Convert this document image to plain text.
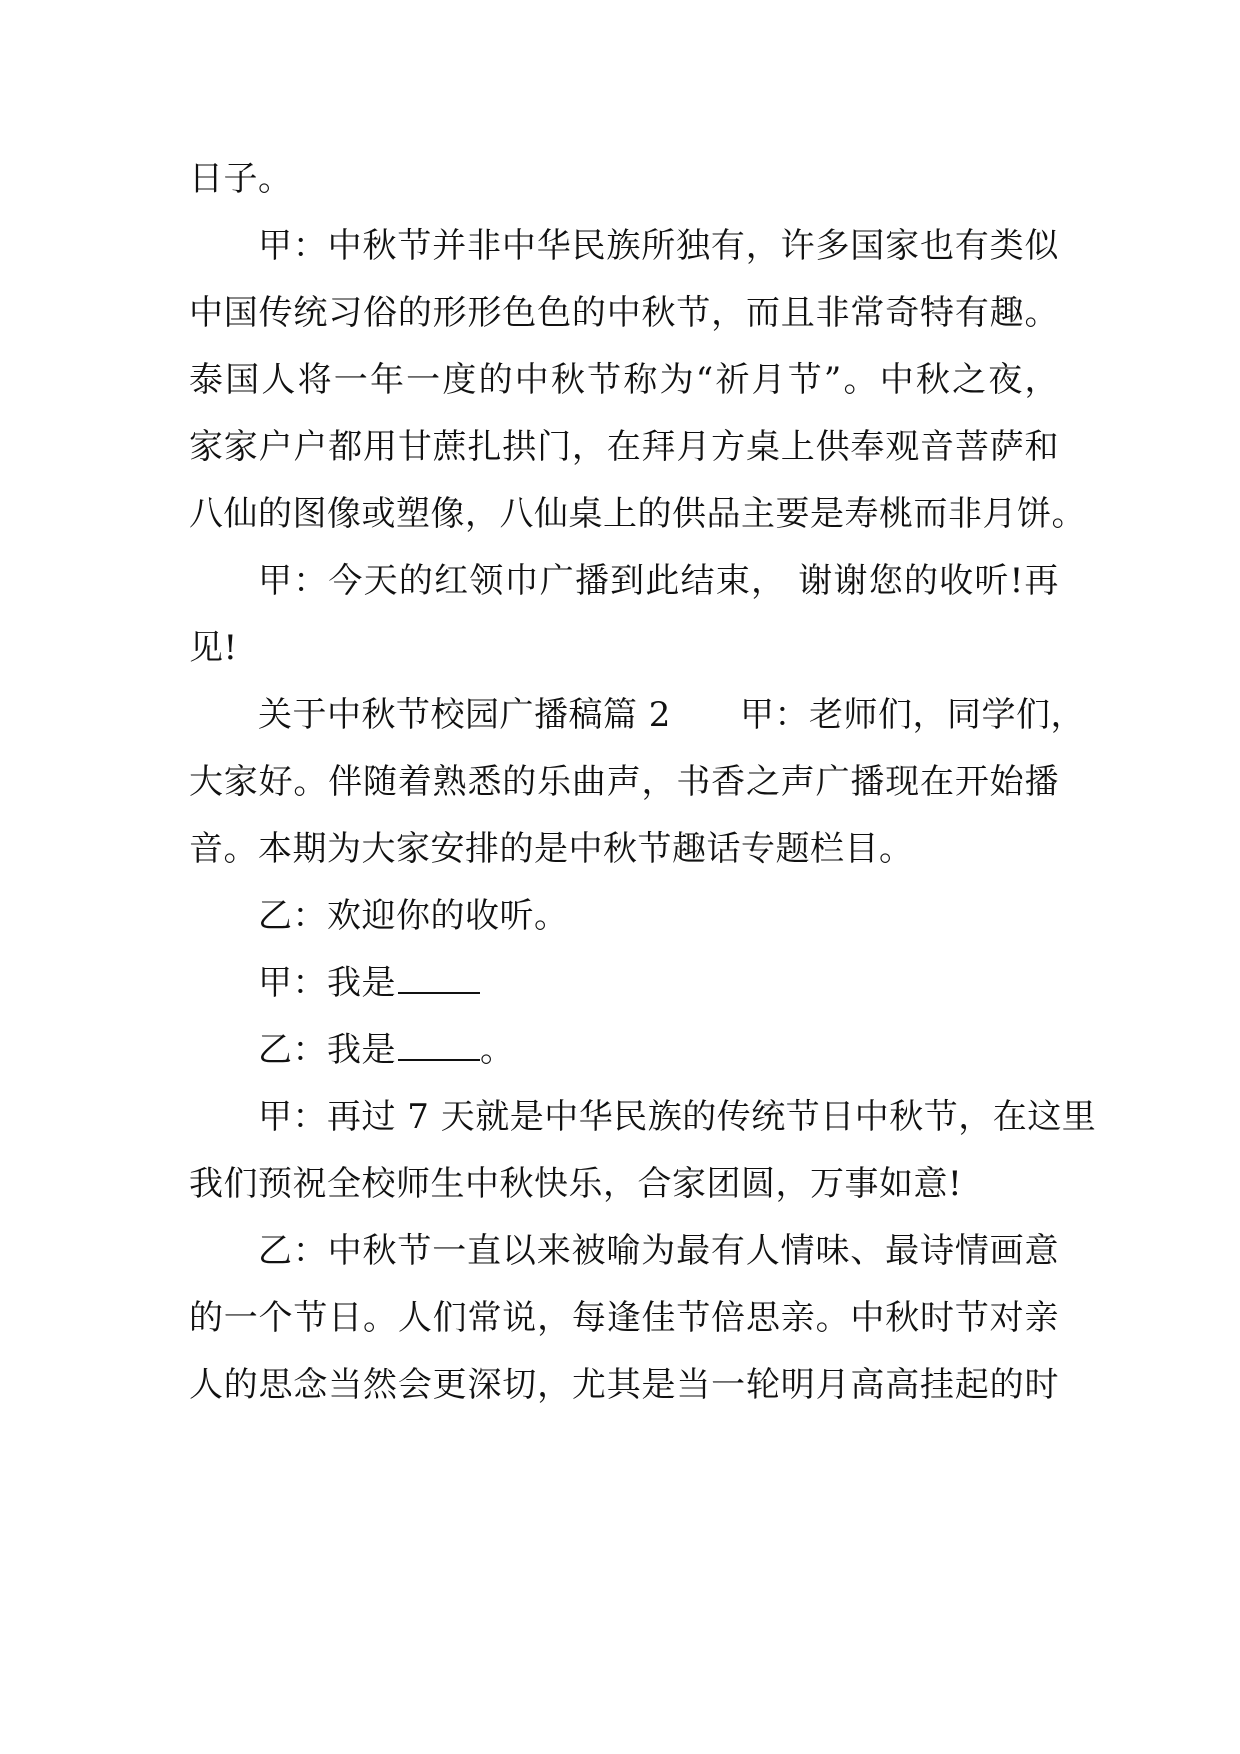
日子。
甲：中秋节并非中华民族所独有，许多国家也有类似
中国传统习俗的形形色色的中秋节，而且非常奇特有趣。
泰国人将一年一度的中秋节称为“祈月节”。中秋之夜，
家家户户都用甘蔗扎拱门，在拜月方桌上供奉观音菩萨和
八仙的图像或塑像，八仙桌上的供品主要是寿桃而非月饼。
甲：今天的红领巾广播到此结束， 谢谢您的收听!再
见!
关于中秋节校园广播稿篇 2　　甲：老师们，同学们，
大家好。伴随着熟悉的乐曲声，书香之声广播现在开始播
音。本期为大家安排的是中秋节趣话专题栏目。
乙：欢迎你的收听。
甲：我是
乙：我是 。
甲：再过 7 天就是中华民族的传统节日中秋节，在这里
我们预祝全校师生中秋快乐，合家团圆，万事如意!
乙：中秋节一直以来被喻为最有人情味、最诗情画意
的一个节日。人们常说，每逢佳节倍思亲。中秋时节对亲
人的思念当然会更深切，尤其是当一轮明月高高挂起的时
